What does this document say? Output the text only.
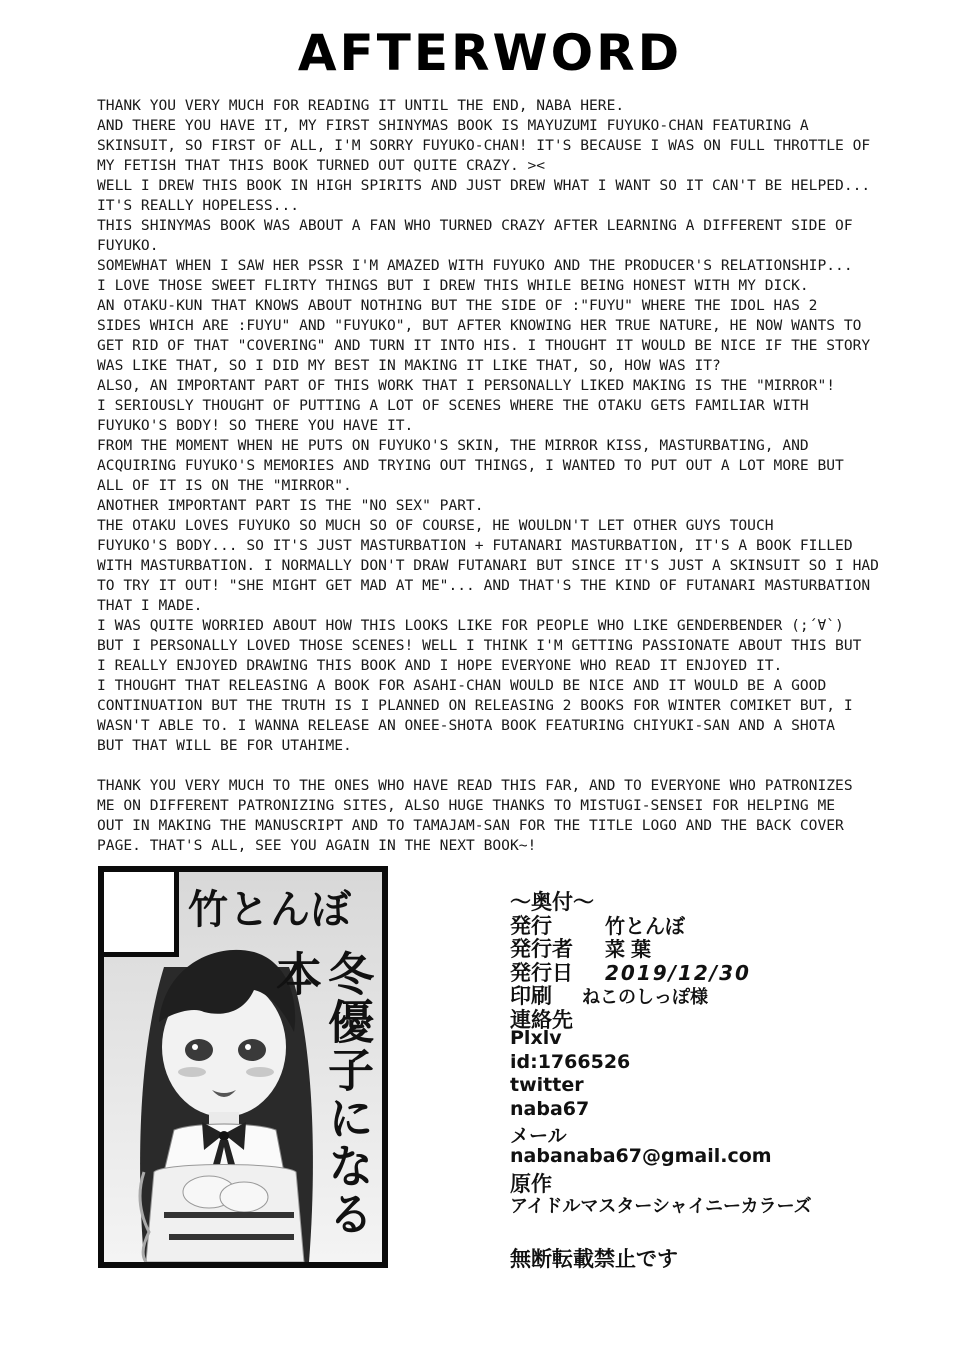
AFTERWORD
THANK YOU VERY MUCH FOR READING IT UNTIL THE END, NABA HERE.
AND THERE YOU HAVE IT, MY FIRST SHINYMAS BOOK IS MAYUZUMI FUYUKO-CHAN FEATURING A
SKINSUIT, SO FIRST OF ALL, I'M SORRY FUYUKO-CHAN! IT'S BECAUSE I WAS ON FULL THROTTLE OF
MY FETISH THAT THIS BOOK TURNED OUT QUITE CRAZY. ><
WELL I DREW THIS BOOK IN HIGH SPIRITS AND JUST DREW WHAT I WANT SO IT CAN'T BE HELPED...
IT'S REALLY HOPELESS...
THIS SHINYMAS BOOK WAS ABOUT A FAN WHO TURNED CRAZY AFTER LEARNING A DIFFERENT SIDE OF
FUYUKO.
SOMEWHAT WHEN I SAW HER PSSR I'M AMAZED WITH FUYUKO AND THE PRODUCER'S RELATIONSHIP...
I LOVE THOSE SWEET FLIRTY THINGS BUT I DREW THIS WHILE BEING HONEST WITH MY DICK.
AN OTAKU-KUN THAT KNOWS ABOUT NOTHING BUT THE SIDE OF :"FUYU" WHERE THE IDOL HAS 2
SIDES WHICH ARE :FUYU" AND "FUYUKO", BUT AFTER KNOWING HER TRUE NATURE, HE NOW WANTS TO
GET RID OF THAT "COVERING" AND TURN IT INTO HIS. I THOUGHT IT WOULD BE NICE IF THE STORY
WAS LIKE THAT, SO I DID MY BEST IN MAKING IT LIKE THAT, SO, HOW WAS IT?
ALSO, AN IMPORTANT PART OF THIS WORK THAT I PERSONALLY LIKED MAKING IS THE "MIRROR"!
I SERIOUSLY THOUGHT OF PUTTING A LOT OF SCENES WHERE THE OTAKU GETS FAMILIAR WITH
FUYUKO'S BODY! SO THERE YOU HAVE IT.
FROM THE MOMENT WHEN HE PUTS ON FUYUKO'S SKIN, THE MIRROR KISS, MASTURBATING, AND
ACQUIRING FUYUKO'S MEMORIES AND TRYING OUT THINGS, I WANTED TO PUT OUT A LOT MORE BUT
ALL OF IT IS ON THE "MIRROR".
ANOTHER IMPORTANT PART IS THE "NO SEX" PART.
THE OTAKU LOVES FUYUKO SO MUCH SO OF COURSE, HE WOULDN'T LET OTHER GUYS TOUCH
FUYUKO'S BODY... SO IT'S JUST MASTURBATION + FUTANARI MASTURBATION, IT'S A BOOK FILLED
WITH MASTURBATION. I NORMALLY DON'T DRAW FUTANARI BUT SINCE IT'S JUST A SKINSUIT SO I HAD
TO TRY IT OUT! "SHE MIGHT GET MAD AT ME"... AND THAT'S THE KIND OF FUTANARI MASTURBATION
THAT I MADE.
I WAS QUITE WORRIED ABOUT HOW THIS LOOKS LIKE FOR PEOPLE WHO LIKE GENDERBENDER (;´∀`)
BUT I PERSONALLY LOVED THOSE SCENES! WELL I THINK I'M GETTING PASSIONATE ABOUT THIS BUT
I REALLY ENJOYED DRAWING THIS BOOK AND I HOPE EVERYONE WHO READ IT ENJOYED IT.
I THOUGHT THAT RELEASING A BOOK FOR ASAHI-CHAN WOULD BE NICE AND IT WOULD BE A GOOD
CONTINUATION BUT THE TRUTH IS I PLANNED ON RELEASING 2 BOOKS FOR WINTER COMIKET BUT, I
WASN'T ABLE TO. I WANNA RELEASE AN ONEE-SHOTA BOOK FEATURING CHIYUKI-SAN AND A SHOTA
BUT THAT WILL BE FOR UTAHIME.
THANK YOU VERY MUCH TO THE ONES WHO HAVE READ THIS FAR, AND TO EVERYONE WHO PATRONIZES
ME ON DIFFERENT PATRONIZING SITES, ALSO HUGE THANKS TO MISTUGI-SENSEI FOR HELPING ME
OUT IN MAKING THE MANUSCRIPT AND TO TAMAJAM-SAN FOR THE TITLE LOGO AND THE BACK COVER
PAGE. THAT'S ALL, SEE YOU AGAIN IN THE NEXT BOOK~!
竹とんぼ
冬優子になる本
～奥付～
発行	竹とんぼ
発行者	菜葉
発行日	2019/12/30
印刷	ねこのしっぽ様
連絡先
Plxlv
id:1766526
twitter
naba67
メール
nabanaba67@gmail.com
原作
アイドルマスターシャイニーカラーズ
無断転載禁止です
